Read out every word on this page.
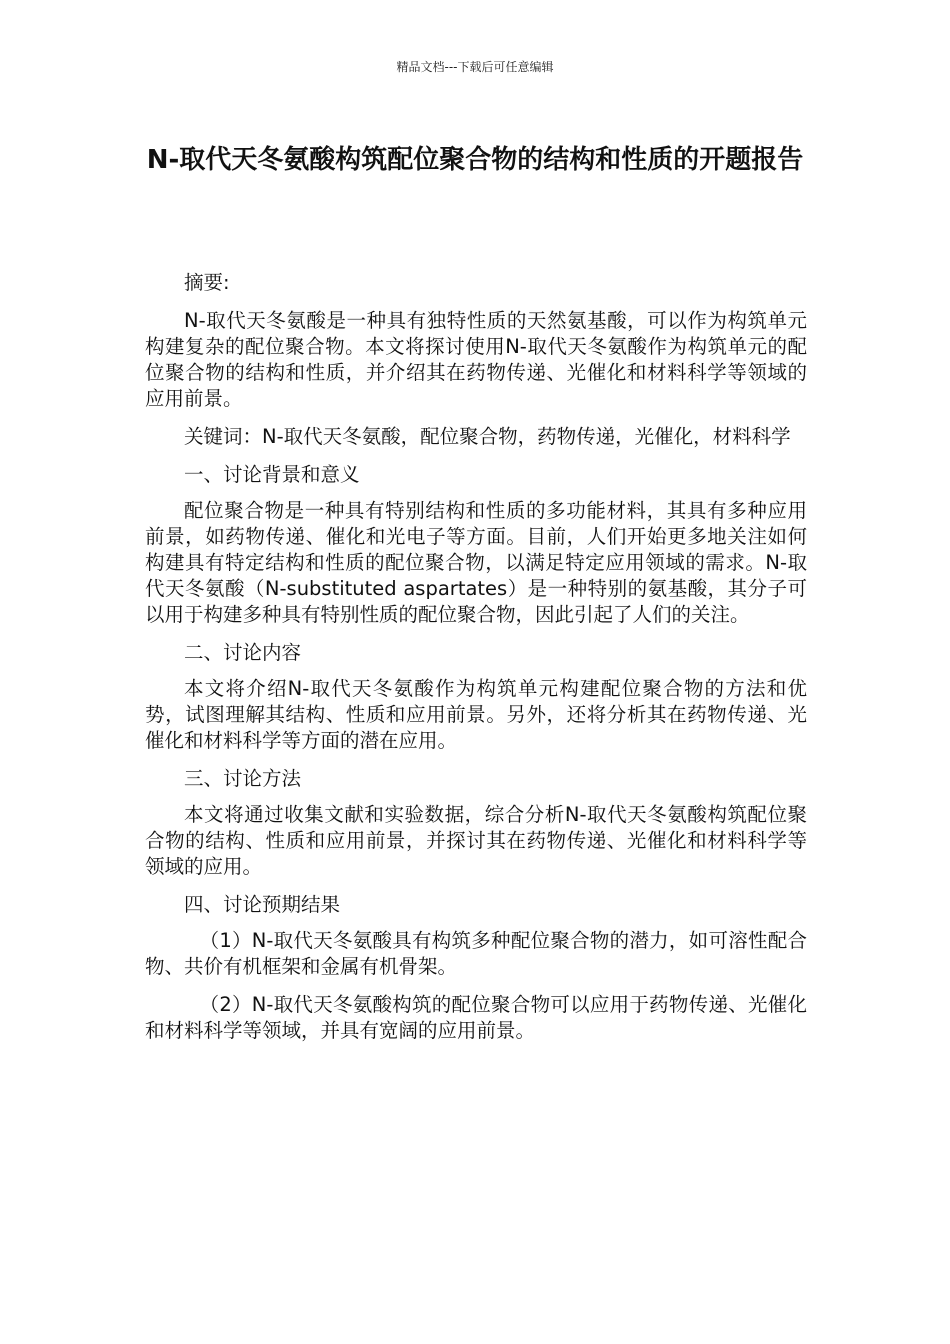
精品文档---下载后可任意编辑
N-取代天冬氨酸构筑配位聚合物的结构和性质的开题报告

摘要:

N-取代天冬氨酸是一种具有独特性质的天然氨基酸，可以作为构筑单元构建复杂的配位聚合物。本文将探讨使用N-取代天冬氨酸作为构筑单元的配位聚合物的结构和性质，并介绍其在药物传递、光催化和材料科学等领域的应用前景。

关键词：N-取代天冬氨酸，配位聚合物，药物传递，光催化，材料科学

一、讨论背景和意义

配位聚合物是一种具有特别结构和性质的多功能材料，其具有多种应用前景，如药物传递、催化和光电子等方面。目前，人们开始更多地关注如何构建具有特定结构和性质的配位聚合物，以满足特定应用领域的需求。N-取代天冬氨酸（N-substituted aspartates）是一种特别的氨基酸，其分子可以用于构建多种具有特别性质的配位聚合物，因此引起了人们的关注。

二、讨论内容

本文将介绍N-取代天冬氨酸作为构筑单元构建配位聚合物的方法和优势，试图理解其结构、性质和应用前景。另外，还将分析其在药物传递、光催化和材料科学等方面的潜在应用。

三、讨论方法

本文将通过收集文献和实验数据，综合分析N-取代天冬氨酸构筑配位聚合物的结构、性质和应用前景，并探讨其在药物传递、光催化和材料科学等领域的应用。

四、讨论预期结果

（1）N-取代天冬氨酸具有构筑多种配位聚合物的潜力，如可溶性配合物、共价有机框架和金属有机骨架。

（2）N-取代天冬氨酸构筑的配位聚合物可以应用于药物传递、光催化和材料科学等领域，并具有宽阔的应用前景。
